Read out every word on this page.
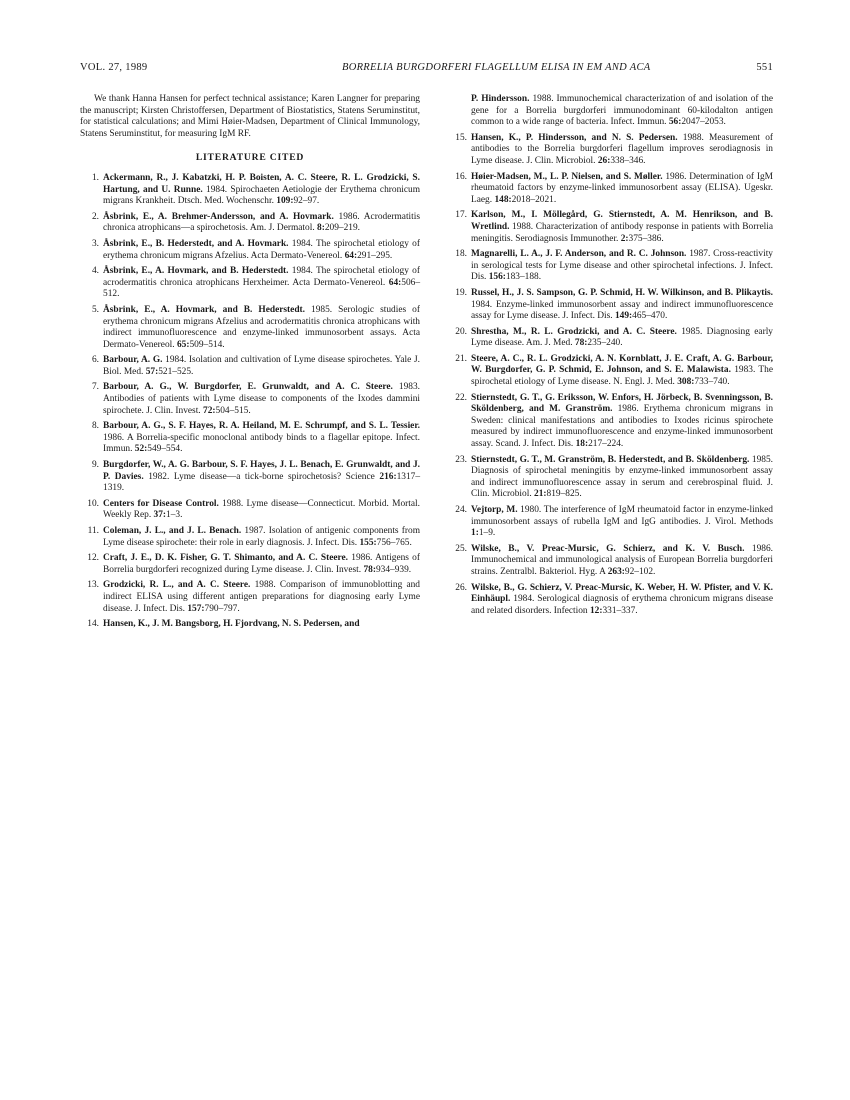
VOL. 27, 1989	BORRELIA BURGDORFERI FLAGELLUM ELISA IN EM AND ACA	551

We thank Hanna Hansen for perfect technical assistance; Karen Langner for preparing the manuscript; Kirsten Christoffersen, Department of Biostatistics, Statens Seruminstitut, for statistical calculations; and Mimi Høier-Madsen, Department of Clinical Immunology, Statens Seruminstitut, for measuring IgM RF.

LITERATURE CITED
1. Ackermann, R., J. Kabatzki, H. P. Boisten, A. C. Steere, R. L. Grodzicki, S. Hartung, and U. Runne. 1984. Spirochaeten Aetiologie der Erythema chronicum migrans Krankheit. Dtsch. Med. Wochenschr. 109:92–97.
2. Åsbrink, E., A. Brehmer-Andersson, and A. Hovmark. 1986. Acrodermatitis chronica atrophicans—a spirochetosis. Am. J. Dermatol. 8:209–219.
3. Åsbrink, E., B. Hederstedt, and A. Hovmark. 1984. The spirochetal etiology of erythema chronicum migrans Afzelius. Acta Dermato-Venereol. 64:291–295.
4. Åsbrink, E., A. Hovmark, and B. Hederstedt. 1984. The spirochetal etiology of acrodermatitis chronica atrophicans Herxheimer. Acta Dermato-Venereol. 64:506–512.
5. Åsbrink, E., A. Hovmark, and B. Hederstedt. 1985. Serologic studies of erythema chronicum migrans Afzelius and acrodermatitis chronica atrophicans with indirect immunofluorescence and enzyme-linked immunosorbent assays. Acta Dermato-Venereol. 65:509–514.
6. Barbour, A. G. 1984. Isolation and cultivation of Lyme disease spirochetes. Yale J. Biol. Med. 57:521–525.
7. Barbour, A. G., W. Burgdorfer, E. Grunwaldt, and A. C. Steere. 1983. Antibodies of patients with Lyme disease to components of the Ixodes dammini spirochete. J. Clin. Invest. 72:504–515.
8. Barbour, A. G., S. F. Hayes, R. A. Heiland, M. E. Schrumpf, and S. L. Tessier. 1986. A Borrelia-specific monoclonal antibody binds to a flagellar epitope. Infect. Immun. 52:549–554.
9. Burgdorfer, W., A. G. Barbour, S. F. Hayes, J. L. Benach, E. Grunwaldt, and J. P. Davies. 1982. Lyme disease—a tick-borne spirochetosis? Science 216:1317–1319.
10. Centers for Disease Control. 1988. Lyme disease—Connecticut. Morbid. Mortal. Weekly Rep. 37:1–3.
11. Coleman, J. L., and J. L. Benach. 1987. Isolation of antigenic components from Lyme disease spirochete: their role in early diagnosis. J. Infect. Dis. 155:756–765.
12. Craft, J. E., D. K. Fisher, G. T. Shimanto, and A. C. Steere. 1986. Antigens of Borrelia burgdorferi recognized during Lyme disease. J. Clin. Invest. 78:934–939.
13. Grodzicki, R. L., and A. C. Steere. 1988. Comparison of immunoblotting and indirect ELISA using different antigen preparations for diagnosing early Lyme disease. J. Infect. Dis. 157:790–797.
14. Hansen, K., J. M. Bangsborg, H. Fjordvang, N. S. Pedersen, and
P. Hindersson. 1988. Immunochemical characterization of and isolation of the gene for a Borrelia burgdorferi immunodominant 60-kilodalton antigen common to a wide range of bacteria. Infect. Immun. 56:2047–2053.
15. Hansen, K., P. Hindersson, and N. S. Pedersen. 1988. Measurement of antibodies to the Borrelia burgdorferi flagellum improves serodiagnosis in Lyme disease. J. Clin. Microbiol. 26:338–346.
16. Høier-Madsen, M., L. P. Nielsen, and S. Møller. 1986. Determination of IgM rheumatoid factors by enzyme-linked immunosorbent assay (ELISA). Ugeskr. Laeg. 148:2018–2021.
17. Karlson, M., I. Möllegård, G. Stiernstedt, A. M. Henrikson, and B. Wretlind. 1988. Characterization of antibody response in patients with Borrelia meningitis. Serodiagnosis Immunother. 2:375–386.
18. Magnarelli, L. A., J. F. Anderson, and R. C. Johnson. 1987. Cross-reactivity in serological tests for Lyme disease and other spirochetal infections. J. Infect. Dis. 156:183–188.
19. Russel, H., J. S. Sampson, G. P. Schmid, H. W. Wilkinson, and B. Plikaytis. 1984. Enzyme-linked immunosorbent assay and indirect immunofluorescence assay for Lyme disease. J. Infect. Dis. 149:465–470.
20. Shrestha, M., R. L. Grodzicki, and A. C. Steere. 1985. Diagnosing early Lyme disease. Am. J. Med. 78:235–240.
21. Steere, A. C., R. L. Grodzicki, A. N. Kornblatt, J. E. Craft, A. G. Barbour, W. Burgdorfer, G. P. Schmid, E. Johnson, and S. E. Malawista. 1983. The spirochetal etiology of Lyme disease. N. Engl. J. Med. 308:733–740.
22. Stiernstedt, G. T., G. Eriksson, W. Enfors, H. Jörbeck, B. Svenningsson, B. Sköldenberg, and M. Granström. 1986. Erythema chronicum migrans in Sweden: clinical manifestations and antibodies to Ixodes ricinus spirochete measured by indirect immunofluorescence and enzyme-linked immunosorbent assay. Scand. J. Infect. Dis. 18:217–224.
23. Stiernstedt, G. T., M. Granström, B. Hederstedt, and B. Sköldenberg. 1985. Diagnosis of spirochetal meningitis by enzyme-linked immunosorbent assay and indirect immunofluorescence assay in serum and cerebrospinal fluid. J. Clin. Microbiol. 21:819–825.
24. Vejtorp, M. 1980. The interference of IgM rheumatoid factor in enzyme-linked immunosorbent assays of rubella IgM and IgG antibodies. J. Virol. Methods 1:1–9.
25. Wilske, B., V. Preac-Mursic, G. Schierz, and K. V. Busch. 1986. Immunochemical and immunological analysis of European Borrelia burgdorferi strains. Zentralbl. Bakteriol. Hyg. A 263:92–102.
26. Wilske, B., G. Schierz, V. Preac-Mursic, K. Weber, H. W. Pfister, and V. K. Einhäupl. 1984. Serological diagnosis of erythema chronicum migrans disease and related disorders. Infection 12:331–337.
